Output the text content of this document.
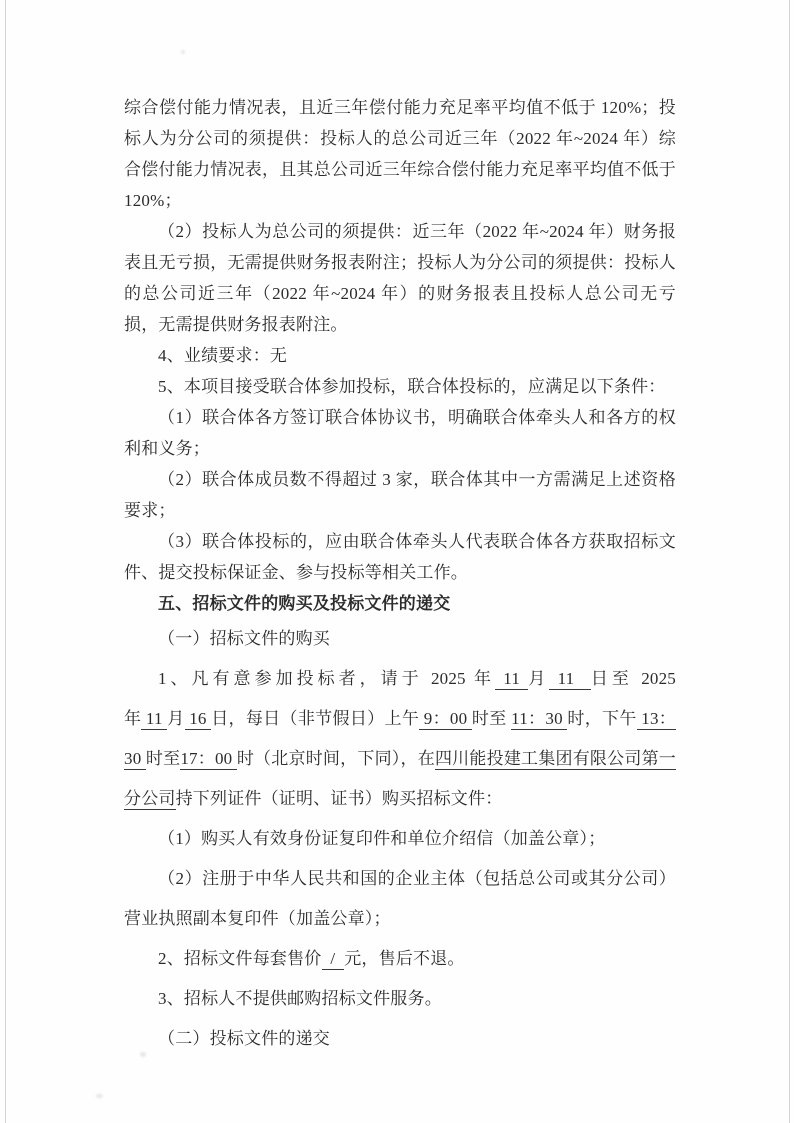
综合偿付能力情况表，且近三年偿付能力充足率平均值不低于 120%；投标人为分公司的须提供：投标人的总公司近三年（2022 年~2024 年）综合偿付能力情况表，且其总公司近三年综合偿付能力充足率平均值不低于 120%；

（2）投标人为总公司的须提供：近三年（2022 年~2024 年）财务报表且无亏损，无需提供财务报表附注；投标人为分公司的须提供：投标人的总公司近三年（2022 年~2024 年）的财务报表且投标人总公司无亏损，无需提供财务报表附注。

4、业绩要求：无

5、本项目接受联合体参加投标，联合体投标的，应满足以下条件：

（1）联合体各方签订联合体协议书，明确联合体牵头人和各方的权利和义务；

（2）联合体成员数不得超过 3 家，联合体其中一方需满足上述资格要求；

（3）联合体投标的，应由联合体牵头人代表联合体各方获取招标文件、提交投标保证金、参与投标等相关工作。

五、招标文件的购买及投标文件的递交

（一）招标文件的购买

1、凡有意参加投标者，请于 2025 年 11 月 11  日至 2025 年 11 月 16 日，每日（非节假日）上午 9：00 时至 11：30 时，下午 13：30 时至17：00 时（北京时间，下同），在四川能投建工集团有限公司第一分公司持下列证件（证明、证书）购买招标文件：

（1）购买人有效身份证复印件和单位介绍信（加盖公章）；

（2）注册于中华人民共和国的企业主体（包括总公司或其分公司）营业执照副本复印件（加盖公章）；

2、招标文件每套售价  /  元，售后不退。

3、招标人不提供邮购招标文件服务。

（二）投标文件的递交
